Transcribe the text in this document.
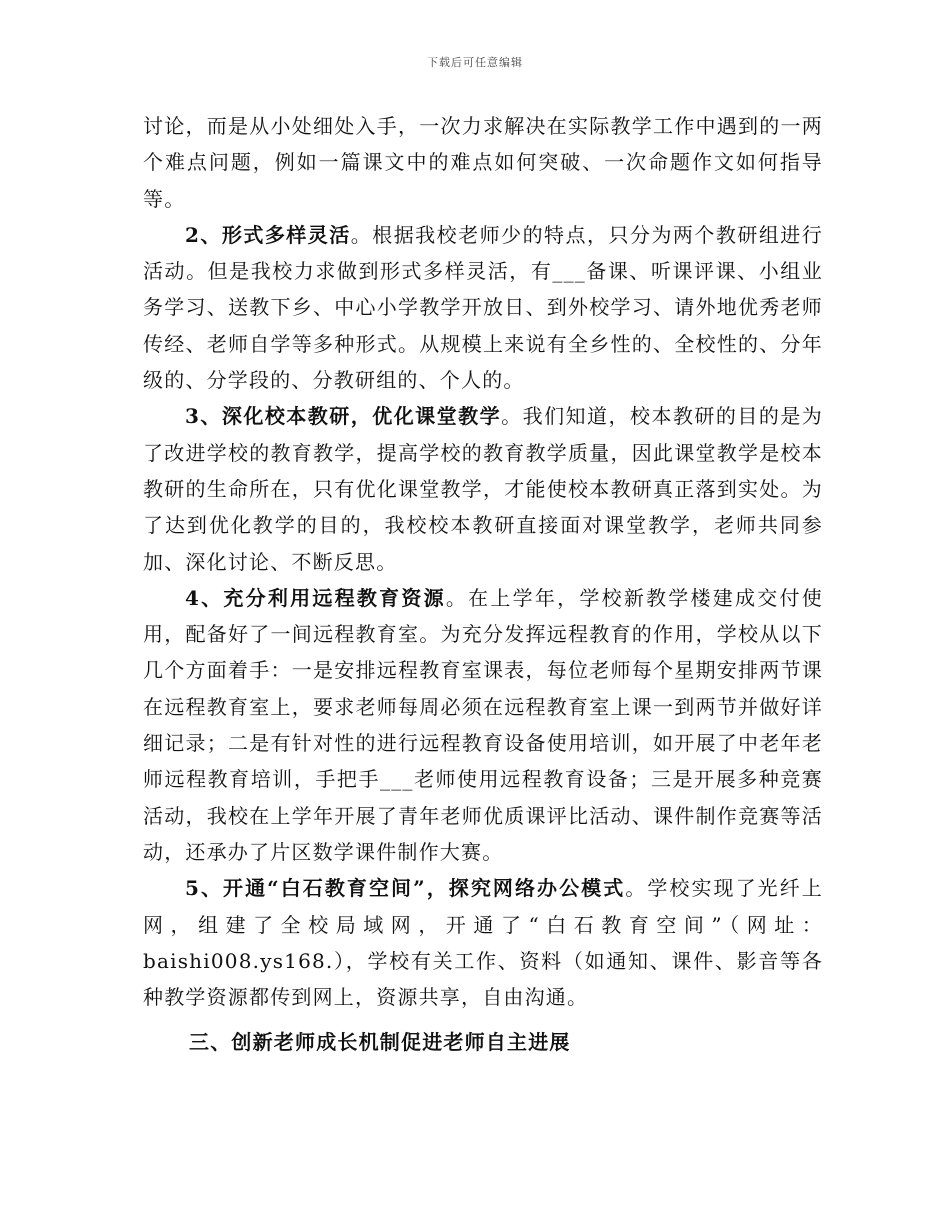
下载后可任意编辑

讨论，而是从小处细处入手，一次力求解决在实际教学工作中遇到的一两个难点问题，例如一篇课文中的难点如何突破、一次命题作文如何指导等。

2、形式多样灵活。根据我校老师少的特点，只分为两个教研组进行活动。但是我校力求做到形式多样灵活，有___备课、听课评课、小组业务学习、送教下乡、中心小学教学开放日、到外校学习、请外地优秀老师传经、老师自学等多种形式。从规模上来说有全乡性的、全校性的、分年级的、分学段的、分教研组的、个人的。

3、深化校本教研，优化课堂教学。我们知道，校本教研的目的是为了改进学校的教育教学，提高学校的教育教学质量，因此课堂教学是校本教研的生命所在，只有优化课堂教学，才能使校本教研真正落到实处。为了达到优化教学的目的，我校校本教研直接面对课堂教学，老师共同参加、深化讨论、不断反思。

4、充分利用远程教育资源。在上学年，学校新教学楼建成交付使用，配备好了一间远程教育室。为充分发挥远程教育的作用，学校从以下几个方面着手：一是安排远程教育室课表，每位老师每个星期安排两节课在远程教育室上，要求老师每周必须在远程教育室上课一到两节并做好详细记录；二是有针对性的进行远程教育设备使用培训，如开展了中老年老师远程教育培训，手把手___老师使用远程教育设备；三是开展多种竞赛活动，我校在上学年开展了青年老师优质课评比活动、课件制作竞赛等活动，还承办了片区数学课件制作大赛。

5、开通“白石教育空间”，探究网络办公模式。学校实现了光纤上网，组建了全校局域网，开通了“白石教育空间”（网址：baishi008.ys168.），学校有关工作、资料（如通知、课件、影音等各种教学资源都传到网上，资源共享，自由沟通。

三、创新老师成长机制促进老师自主进展
